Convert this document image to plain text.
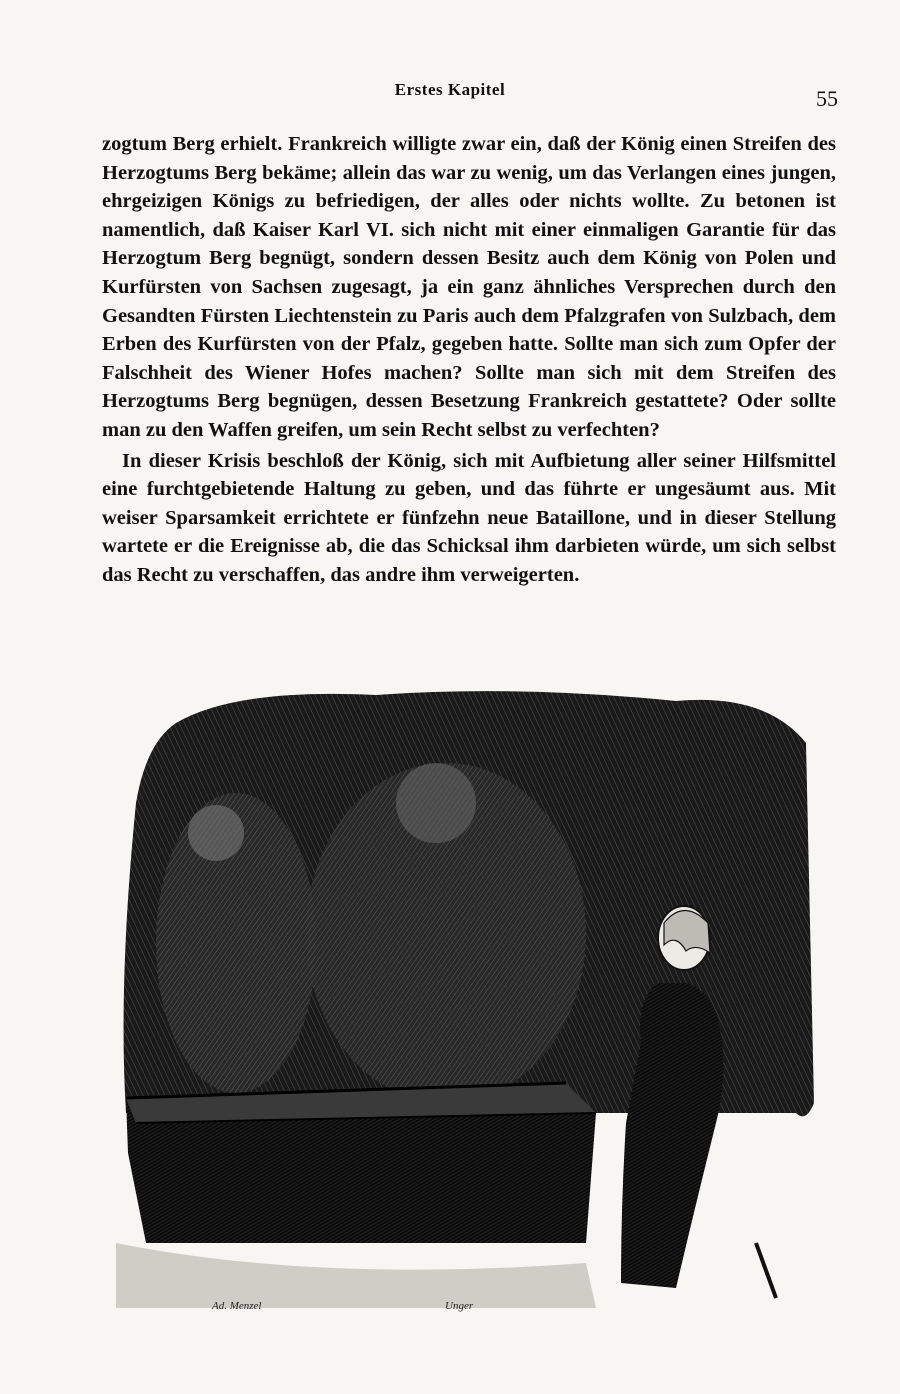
Erstes Kapitel	55

zogtum Berg erhielt. Frankreich willigte zwar ein, daß der König einen Streifen des Herzogtums Berg bekäme; allein das war zu wenig, um das Verlangen eines jungen, ehrgeizigen Königs zu befriedigen, der alles oder nichts wollte. Zu betonen ist namentlich, daß Kaiser Karl VI. sich nicht mit einer einmaligen Garantie für das Herzogtum Berg begnügt, sondern dessen Besitz auch dem König von Polen und Kurfürsten von Sachsen zugesagt, ja ein ganz ähnliches Versprechen durch den Gesandten Fürsten Liechtenstein zu Paris auch dem Pfalzgrafen von Sulzbach, dem Erben des Kurfürsten von der Pfalz, gegeben hatte. Sollte man sich zum Opfer der Falschheit des Wiener Hofes machen? Sollte man sich mit dem Streifen des Herzogtums Berg begnügen, dessen Besetzung Frankreich gestattete? Oder sollte man zu den Waffen greifen, um sein Recht selbst zu verfechten?

In dieser Krisis beschloß der König, sich mit Aufbietung aller seiner Hilfsmittel eine furchtgebietende Haltung zu geben, und das führte er ungesäumt aus. Mit weiser Sparsamkeit errichtete er fünfzehn neue Bataillone, und in dieser Stellung wartete er die Ereignisse ab, die das Schicksal ihm darbieten würde, um sich selbst das Recht zu verschaffen, das andre ihm verweigerten.

Ad. Menzel	Unger
